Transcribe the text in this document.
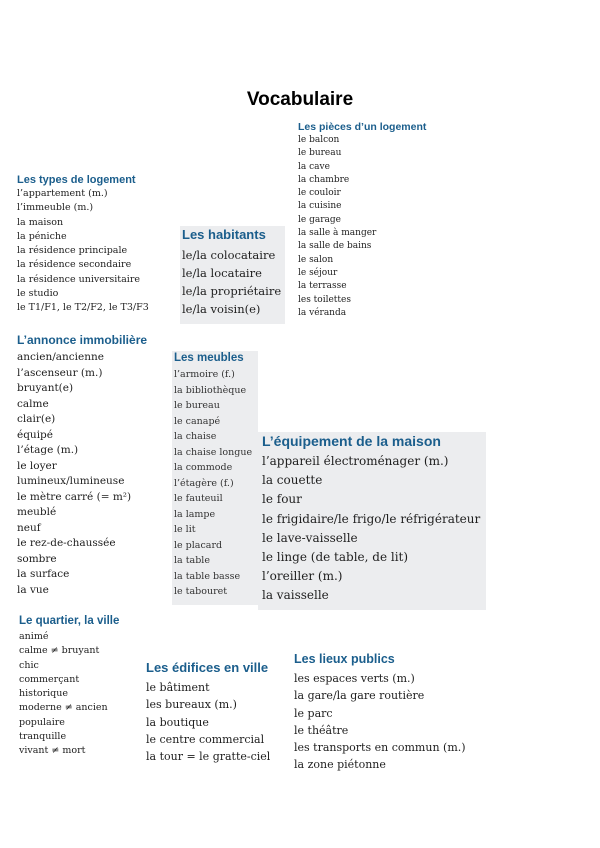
Vocabulaire
Les types de logement
l’appartement (m.)
l’immeuble (m.)
la maison
la péniche
la résidence principale
la résidence secondaire
la résidence universitaire
le studio
le T1/F1, le T2/F2, le T3/F3
Les pièces d’un logement
le balcon
le bureau
la cave
la chambre
le couloir
la cuisine
le garage
la salle à manger
la salle de bains
le salon
le séjour
la terrasse
les toilettes
la véranda
Les habitants
le/la colocataire
le/la locataire
le/la propriétaire
le/la voisin(e)
L’annonce immobilière
ancien/ancienne
l’ascenseur (m.)
bruyant(e)
calme
clair(e)
équipé
l’étage (m.)
le loyer
lumineux/lumineuse
le mètre carré (= m²)
meublé
neuf
le rez-de-chaussée
sombre
la surface
la vue
Les meubles
l’armoire (f.)
la bibliothèque
le bureau
le canapé
la chaise
la chaise longue
la commode
l’étagère (f.)
le fauteuil
la lampe
le lit
le placard
la table
la table basse
le tabouret
L’équipement de la maison
l’appareil électroménager (m.)
la couette
le four
le frigidaire/le frigo/le réfrigérateur
le lave-vaisselle
le linge (de table, de lit)
l’oreiller (m.)
la vaisselle
Le quartier, la ville
animé
calme ≠ bruyant
chic
commerçant
historique
moderne ≠ ancien
populaire
tranquille
vivant ≠ mort
Les édifices en ville
le bâtiment
les bureaux (m.)
la boutique
le centre commercial
la tour = le gratte-ciel
Les lieux publics
les espaces verts (m.)
la gare/la gare routière
le parc
le théâtre
les transports en commun (m.)
la zone piétonne
